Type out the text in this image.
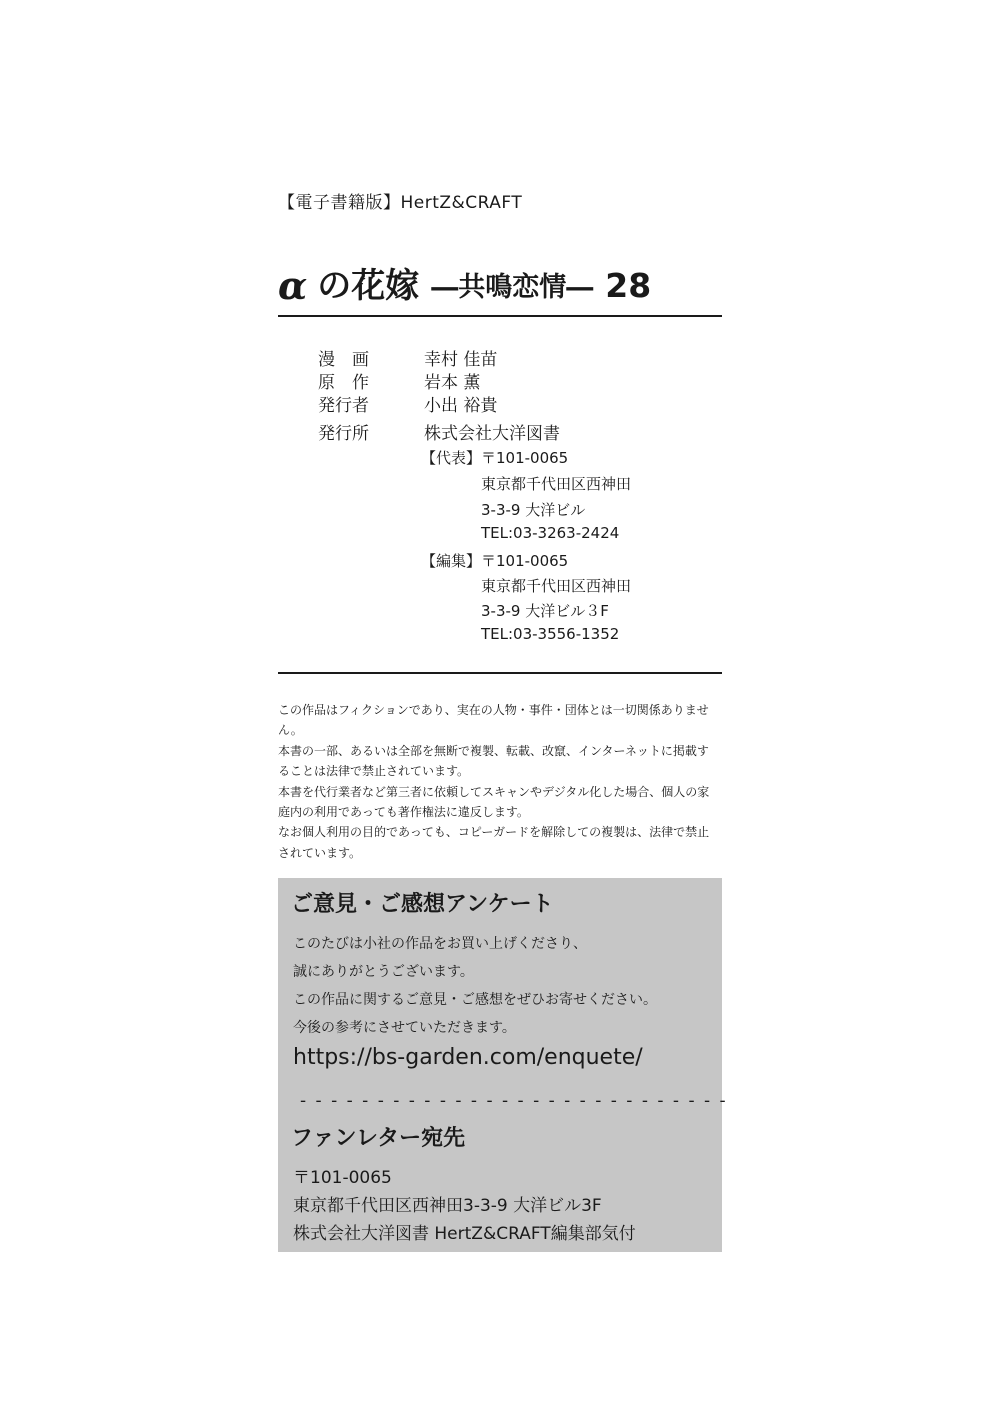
【電子書籍版】HertZ&CRAFT
α の花嫁 ―共鳴恋情― 28
漫　画	幸村 佳苗
原　作	岩本 薫
発行者	小出 裕貴
発行所	株式会社大洋図書
【代表】 〒101-0065
東京都千代田区西神田
3-3-9 大洋ビル
TEL:03-3263-2424
【編集】 〒101-0065
東京都千代田区西神田
3-3-9 大洋ビル３F
TEL:03-3556-1352

この作品はフィクションであり、実在の人物・事件・団体とは一切関係ありません。

本書の一部、あるいは全部を無断で複製、転載、改竄、インターネットに掲載す

ることは法律で禁止されています。

本書を代行業者など第三者に依頼してスキャンやデジタル化した場合、個人の家

庭内の利用であっても著作権法に違反します。

なお個人利用の目的であっても、コピーガードを解除しての複製は、法律で禁止

されています。

ご意見・ご感想アンケート
このたびは小社の作品をお買い上げくださり、
誠にありがとうございます。
この作品に関するご意見・ご感想をぜひお寄せください。
今後の参考にさせていただきます。
https://bs-garden.com/enquete/
- - - - - - - - - - - - - - - - - - - - - - - - - - - -
ファンレター宛先
〒101-0065
東京都千代田区西神田3-3-9 大洋ビル3F
株式会社大洋図書 HertZ&CRAFT編集部気付
